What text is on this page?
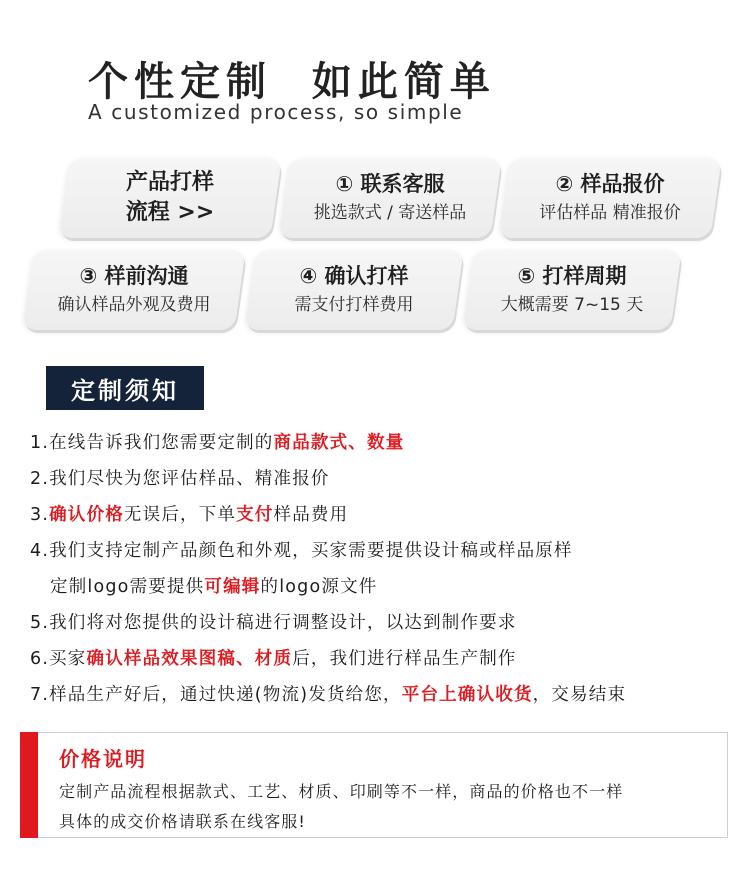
个性定制  如此简单
A customized process, so simple
产品打样
流程 >>
① 联系客服
挑选款式 / 寄送样品
② 样品报价
评估样品 精准报价
③ 样前沟通
确认样品外观及费用
④ 确认打样
需支付打样费用
⑤ 打样周期
大概需要 7~15 天
定制须知
1.在线告诉我们您需要定制的商品款式、数量
2.我们尽快为您评估样品、精准报价
3.确认价格无误后，下单支付样品费用
4.我们支持定制产品颜色和外观，买家需要提供设计稿或样品原样
定制logo需要提供可编辑的logo源文件
5.我们将对您提供的设计稿进行调整设计，以达到制作要求
6.买家确认样品效果图稿、材质后，我们进行样品生产制作
7.样品生产好后，通过快递(物流)发货给您，平台上确认收货，交易结束
价格说明
定制产品流程根据款式、工艺、材质、印刷等不一样，商品的价格也不一样
具体的成交价格请联系在线客服!
